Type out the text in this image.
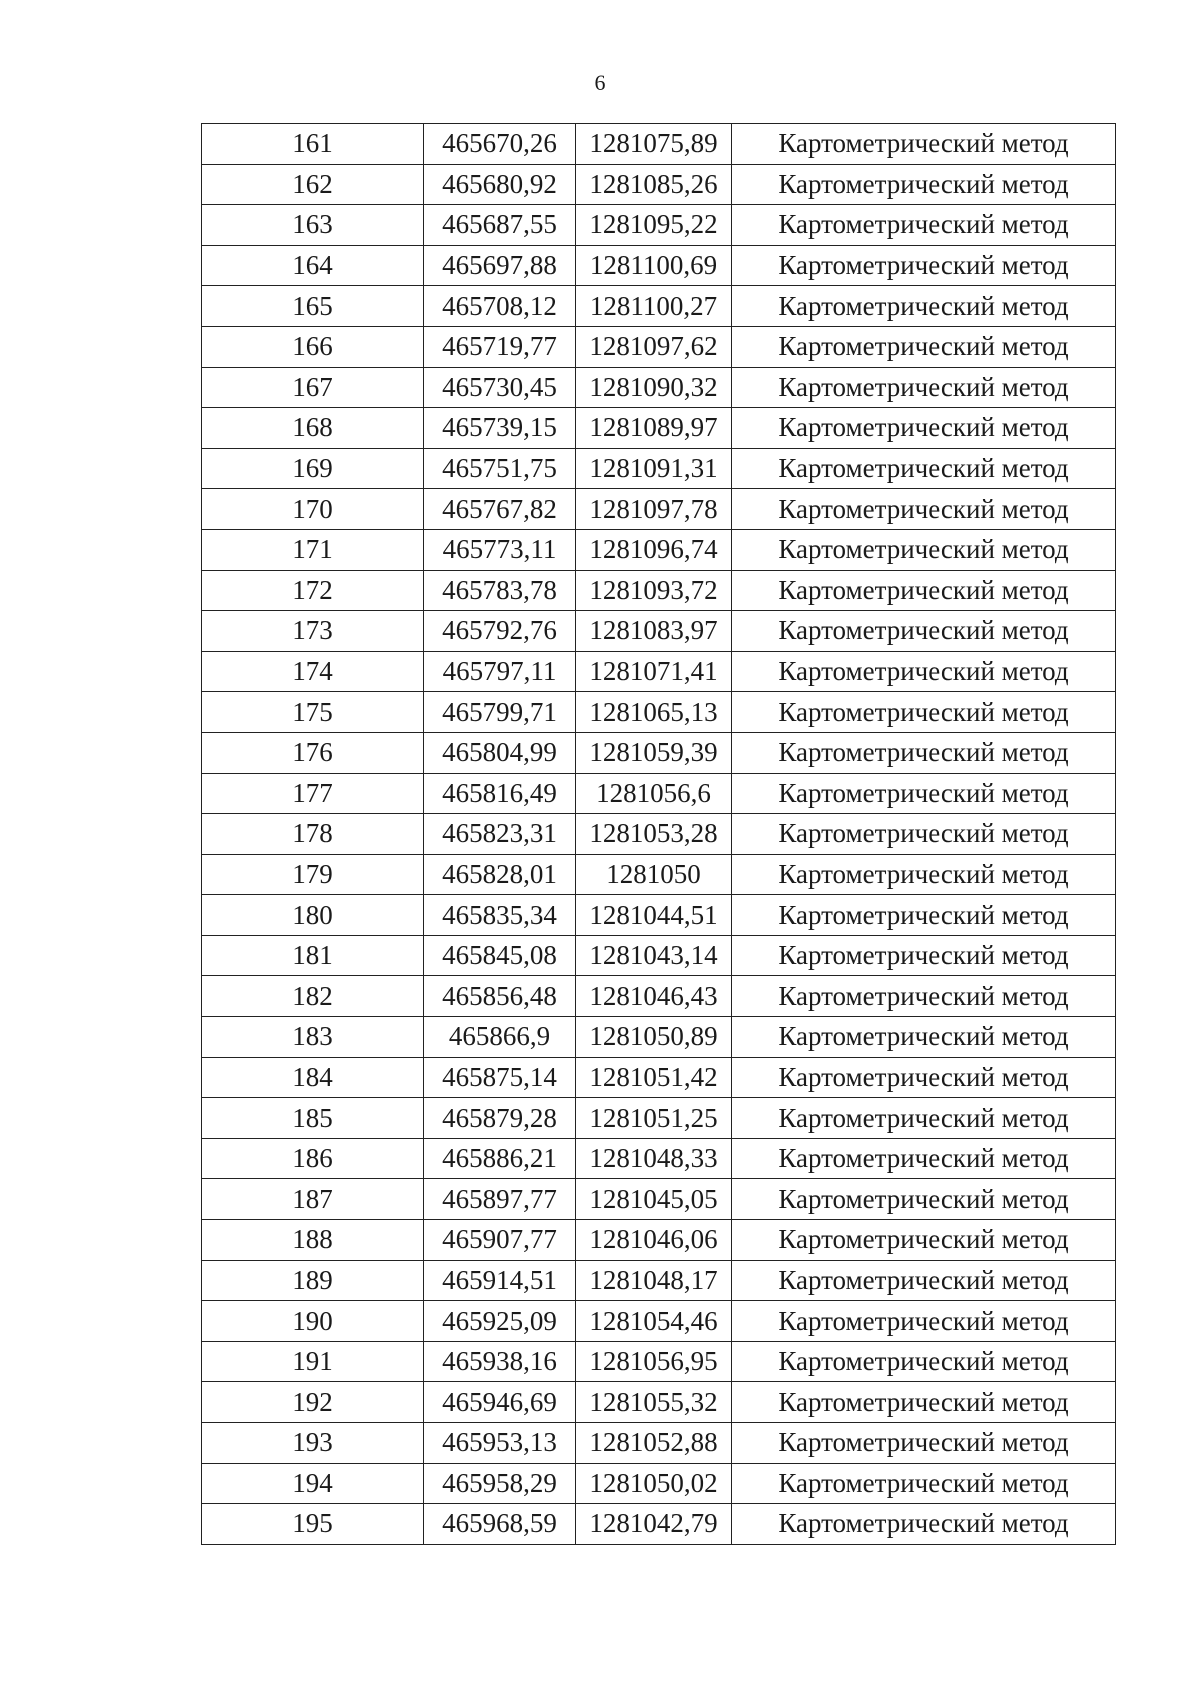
6
161	465670,26	1281075,89	Картометрический метод
162	465680,92	1281085,26	Картометрический метод
163	465687,55	1281095,22	Картометрический метод
164	465697,88	1281100,69	Картометрический метод
165	465708,12	1281100,27	Картометрический метод
166	465719,77	1281097,62	Картометрический метод
167	465730,45	1281090,32	Картометрический метод
168	465739,15	1281089,97	Картометрический метод
169	465751,75	1281091,31	Картометрический метод
170	465767,82	1281097,78	Картометрический метод
171	465773,11	1281096,74	Картометрический метод
172	465783,78	1281093,72	Картометрический метод
173	465792,76	1281083,97	Картометрический метод
174	465797,11	1281071,41	Картометрический метод
175	465799,71	1281065,13	Картометрический метод
176	465804,99	1281059,39	Картометрический метод
177	465816,49	1281056,6	Картометрический метод
178	465823,31	1281053,28	Картометрический метод
179	465828,01	1281050	Картометрический метод
180	465835,34	1281044,51	Картометрический метод
181	465845,08	1281043,14	Картометрический метод
182	465856,48	1281046,43	Картометрический метод
183	465866,9	1281050,89	Картометрический метод
184	465875,14	1281051,42	Картометрический метод
185	465879,28	1281051,25	Картометрический метод
186	465886,21	1281048,33	Картометрический метод
187	465897,77	1281045,05	Картометрический метод
188	465907,77	1281046,06	Картометрический метод
189	465914,51	1281048,17	Картометрический метод
190	465925,09	1281054,46	Картометрический метод
191	465938,16	1281056,95	Картометрический метод
192	465946,69	1281055,32	Картометрический метод
193	465953,13	1281052,88	Картометрический метод
194	465958,29	1281050,02	Картометрический метод
195	465968,59	1281042,79	Картометрический метод
